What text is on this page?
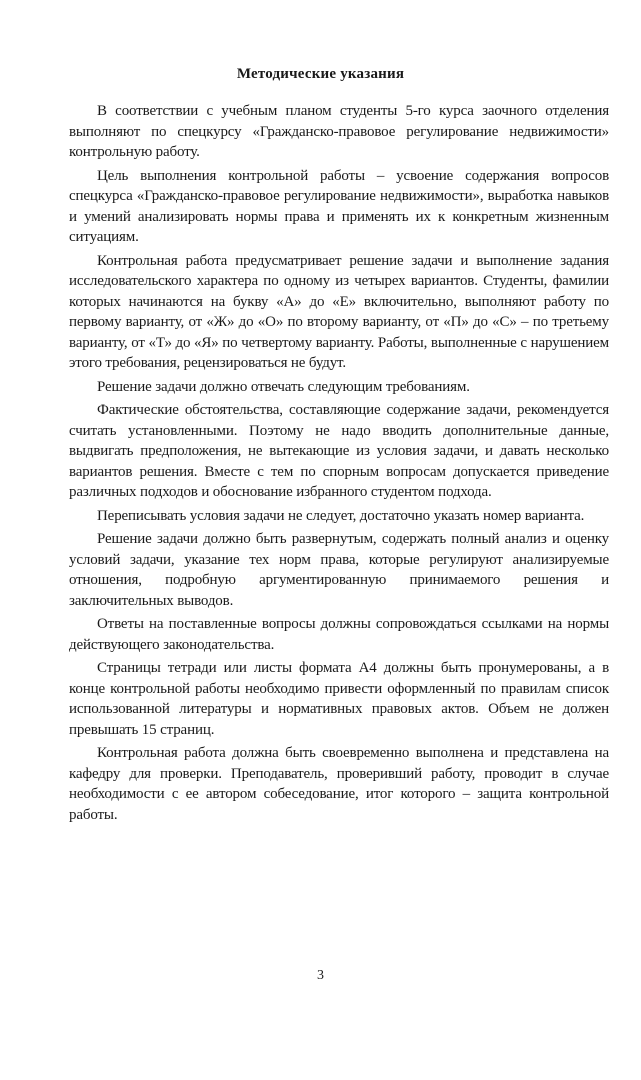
Методические указания

В соответствии с учебным планом студенты 5-го курса заочного отделения выполняют по спецкурсу «Гражданско-правовое регулирование недвижимости» контрольную работу.

Цель выполнения контрольной работы – усвоение содержания вопросов спецкурса «Гражданско-правовое регулирование недвижимости», выработка навыков и умений анализировать нормы права и применять их к конкретным жизненным ситуациям.

Контрольная работа предусматривает решение задачи и выполнение задания исследовательского характера по одному из четырех вариантов. Студенты, фамилии которых начинаются на букву «А» до «Е» включительно, выполняют работу по первому варианту, от «Ж» до «О» по второму варианту, от «П» до «С» – по третьему варианту, от «Т» до «Я» по четвертому варианту. Работы, выполненные с нарушением этого требования, рецензироваться не будут.

Решение задачи должно отвечать следующим требованиям.

Фактические обстоятельства, составляющие содержание задачи, рекомендуется считать установленными. Поэтому не надо вводить дополнительные данные, выдвигать предположения, не вытекающие из условия задачи, и давать несколько вариантов решения. Вместе с тем по спорным вопросам допускается приведение различных подходов и обоснование избранного студентом подхода.

Переписывать условия задачи не следует, достаточно указать номер варианта.

Решение задачи должно быть развернутым, содержать полный анализ и оценку условий задачи, указание тех норм права, которые регулируют анализируемые отношения, подробную аргументированную принимаемого решения и заключительных выводов.

Ответы на поставленные вопросы должны сопровождаться ссылками на нормы действующего законодательства.

Страницы тетради или листы формата А4 должны быть пронумерованы, а в конце контрольной работы необходимо привести оформленный по правилам список использованной литературы и нормативных правовых актов. Объем не должен превышать 15 страниц.

Контрольная работа должна быть своевременно выполнена и представлена на кафедру для проверки. Преподаватель, проверивший работу, проводит в случае необходимости с ее автором собеседование, итог которого – защита контрольной работы.

3
